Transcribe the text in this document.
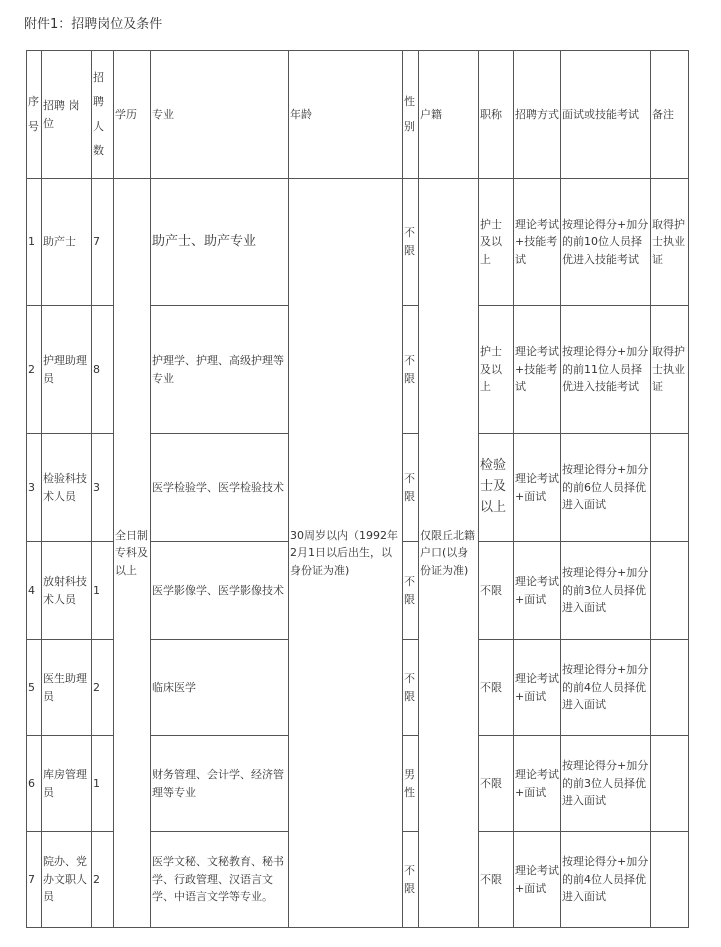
附件1：招聘岗位及条件
序号	招聘 岗位	招聘人数	学历	专业	年龄	性别	户籍	职称	招聘方式	面试或技能考试	备注
1	助产士	7	全日制专科及以上	助产士、助产专业	30周岁以内（1992年2月1日以后出生，以身份证为准)	不限	仅限丘北籍户口(以身份证为准)	护士及以上	理论考试+技能考试	按理论得分+加分的前10位人员择优进入技能考试	取得护士执业证
2	护理助理员	8		护理学、护理、高级护理等专业		不限		护士及以上	理论考试+技能考试	按理论得分+加分的前11位人员择优进入技能考试	取得护士执业证
3	检验科技术人员	3		医学检验学、医学检验技术		不限		检验士及以上	理论考试+面试	按理论得分+加分的前6位人员择优进入面试	
4	放射科技术人员	1		医学影像学、医学影像技术		不限		不限	理论考试+面试	按理论得分+加分的前3位人员择优进入面试	
5	医生助理员	2		临床医学		不限		不限	理论考试+面试	按理论得分+加分的前4位人员择优进入面试	
6	库房管理员	1		财务管理、会计学、经济管理等专业		男性		不限	理论考试+面试	按理论得分+加分的前3位人员择优进入面试	
7	院办、党办文职人员	2		医学文秘、文秘教育、秘书学、行政管理、汉语言文学、中语言文学等专业。		不限		不限	理论考试+面试	按理论得分+加分的前4位人员择优进入面试	
